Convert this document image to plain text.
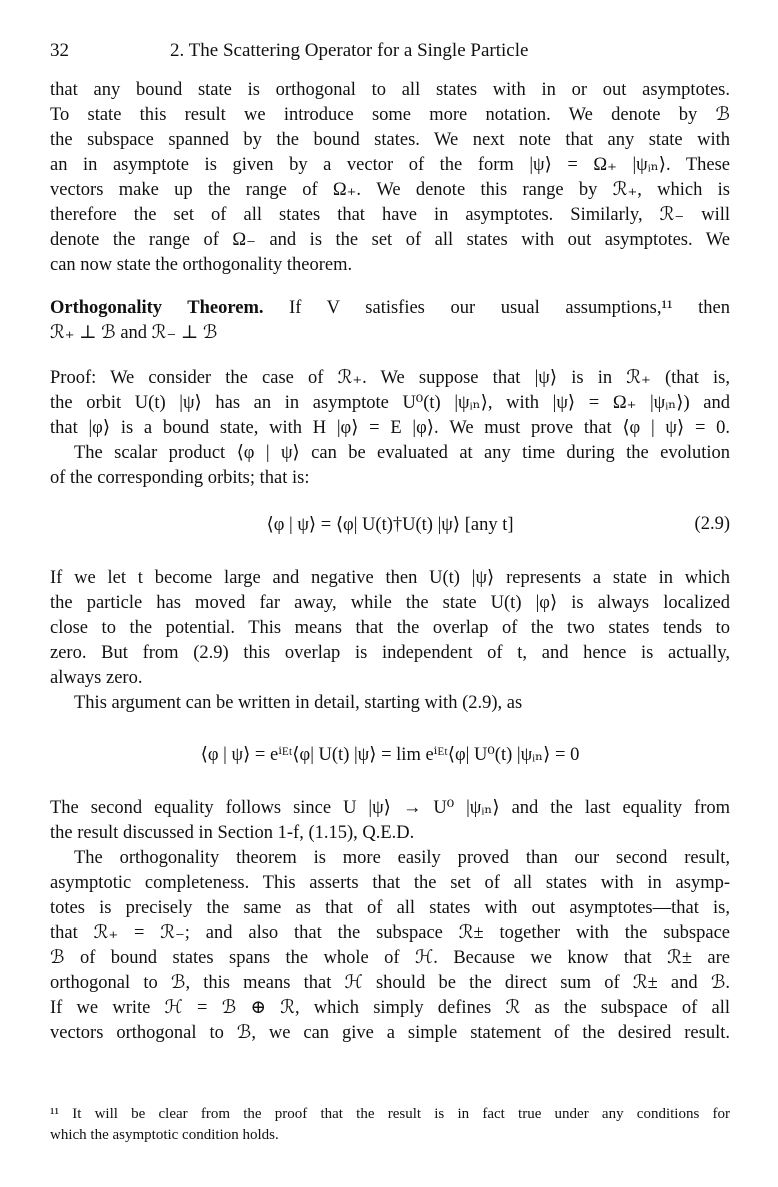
32	2. The Scattering Operator for a Single Particle
that any bound state is orthogonal to all states with in or out asymptotes.
To state this result we introduce some more notation. We denote by ℬ
the subspace spanned by the bound states. We next note that any state with
an in asymptote is given by a vector of the form |ψ⟩ = Ω₊ |ψᵢₙ⟩. These
vectors make up the range of Ω₊. We denote this range by ℛ₊, which is
therefore the set of all states that have in asymptotes. Similarly, ℛ₋ will
denote the range of Ω₋ and is the set of all states with out asymptotes. We
can now state the orthogonality theorem.
Orthogonality Theorem. If V satisfies our usual assumptions,¹¹ then
ℛ₊ ⊥ ℬ and ℛ₋ ⊥ ℬ
Proof: We consider the case of ℛ₊. We suppose that |ψ⟩ is in ℛ₊ (that is,
the orbit U(t) |ψ⟩ has an in asymptote U⁰(t) |ψᵢₙ⟩, with |ψ⟩ = Ω₊ |ψᵢₙ⟩) and
that |φ⟩ is a bound state, with H |φ⟩ = E |φ⟩. We must prove that ⟨φ | ψ⟩ = 0.
The scalar product ⟨φ | ψ⟩ can be evaluated at any time during the evolution
of the corresponding orbits; that is:
⟨φ | ψ⟩ = ⟨φ| U(t)†U(t) |ψ⟩ [any t]	(2.9)
If we let t become large and negative then U(t) |ψ⟩ represents a state in which
the particle has moved far away, while the state U(t) |φ⟩ is always localized
close to the potential. This means that the overlap of the two states tends to
zero. But from (2.9) this overlap is independent of t, and hence is actually,
always zero.
This argument can be written in detail, starting with (2.9), as
⟨φ | ψ⟩ = eⁱᴱᵗ⟨φ| U(t) |ψ⟩ = lim eⁱᴱᵗ⟨φ| U⁰(t) |ψᵢₙ⟩ = 0
The second equality follows since U |ψ⟩ → U⁰ |ψᵢₙ⟩ and the last equality from
the result discussed in Section 1-f, (1.15), Q.E.D.
The orthogonality theorem is more easily proved than our second result,
asymptotic completeness. This asserts that the set of all states with in asymp-
totes is precisely the same as that of all states with out asymptotes—that is,
that ℛ₊ = ℛ₋; and also that the subspace ℛ± together with the subspace
ℬ of bound states spans the whole of ℋ. Because we know that ℛ± are
orthogonal to ℬ, this means that ℋ should be the direct sum of ℛ± and ℬ.
If we write ℋ = ℬ ⊕ ℛ, which simply defines ℛ as the subspace of all
vectors orthogonal to ℬ, we can give a simple statement of the desired result.
¹¹ It will be clear from the proof that the result is in fact true under any conditions for
which the asymptotic condition holds.
